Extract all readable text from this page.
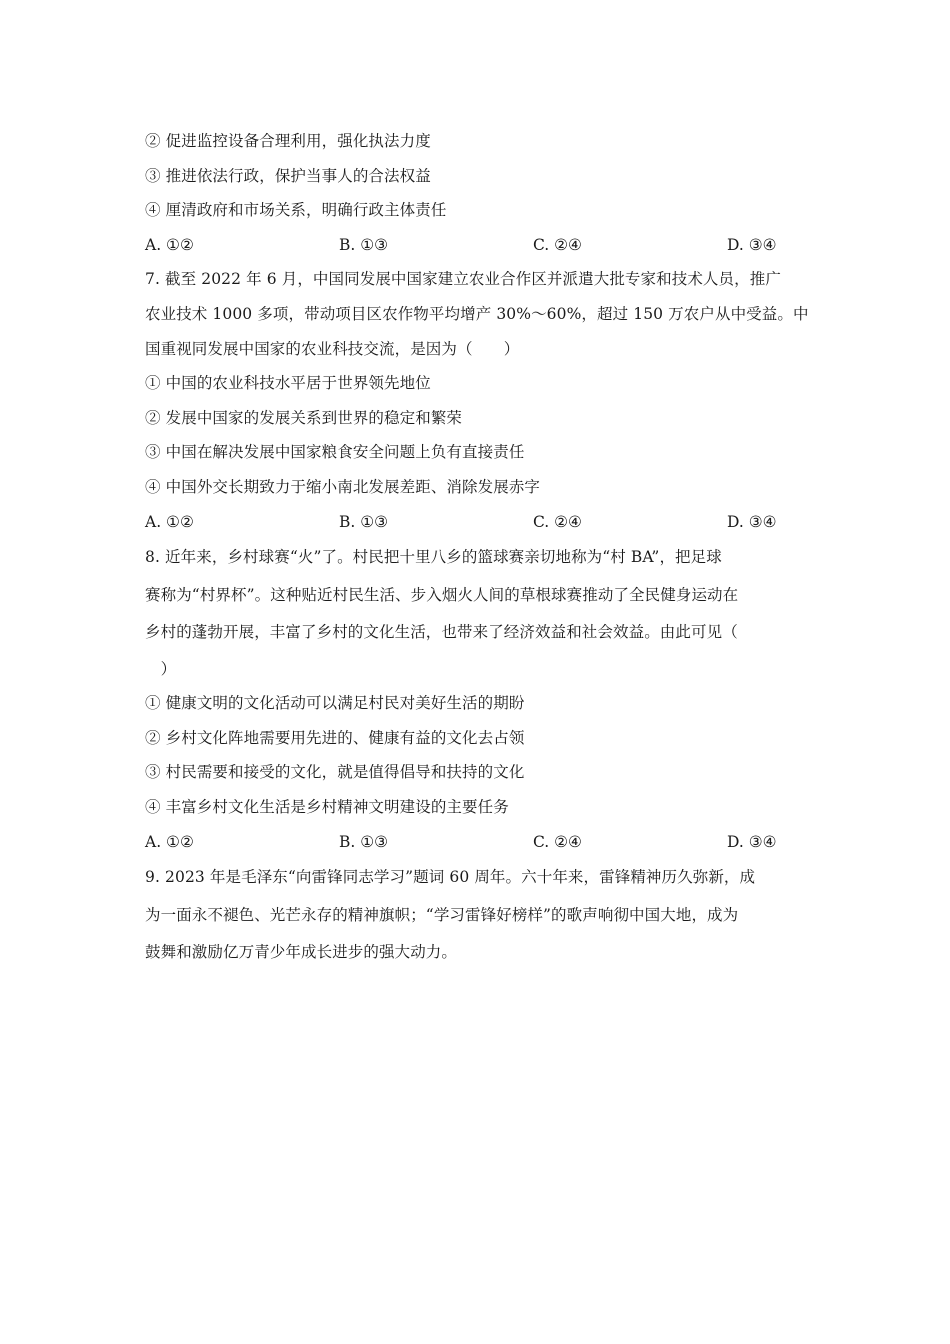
② 促进监控设备合理利用，强化执法力度
③ 推进依法行政，保护当事人的合法权益
④ 厘清政府和市场关系，明确行政主体责任
A. ①②	B. ①③	C. ②④	D. ③④
7. 截至 2022 年 6 月，中国同发展中国家建立农业合作区并派遣大批专家和技术人员，推广
农业技术 1000 多项，带动项目区农作物平均增产 30%～60%，超过 150 万农户从中受益。中
国重视同发展中国家的农业科技交流，是因为（　　）
① 中国的农业科技水平居于世界领先地位
② 发展中国家的发展关系到世界的稳定和繁荣
③ 中国在解决发展中国家粮食安全问题上负有直接责任
④ 中国外交长期致力于缩小南北发展差距、消除发展赤字
A. ①②	B. ①③	C. ②④	D. ③④
8. 近年来，乡村球赛“火”了。村民把十里八乡的篮球赛亲切地称为“村 BA”，把足球
赛称为“村界杯”。这种贴近村民生活、步入烟火人间的草根球赛推动了全民健身运动在
乡村的蓬勃开展，丰富了乡村的文化生活，也带来了经济效益和社会效益。由此可见（
　）
① 健康文明的文化活动可以满足村民对美好生活的期盼
② 乡村文化阵地需要用先进的、健康有益的文化去占领
③ 村民需要和接受的文化，就是值得倡导和扶持的文化
④ 丰富乡村文化生活是乡村精神文明建设的主要任务
A. ①②	B. ①③	C. ②④	D. ③④
9. 2023 年是毛泽东“向雷锋同志学习”题词 60 周年。六十年来，雷锋精神历久弥新，成
为一面永不褪色、光芒永存的精神旗帜；“学习雷锋好榜样”的歌声响彻中国大地，成为
鼓舞和激励亿万青少年成长进步的强大动力。
